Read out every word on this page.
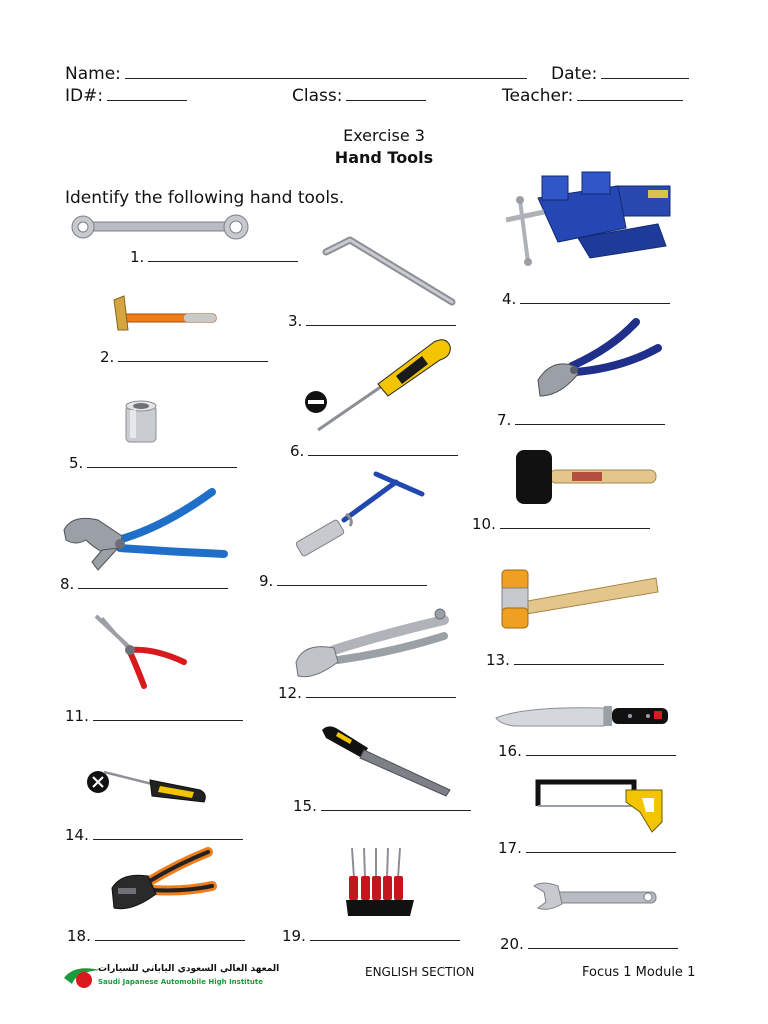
Name:	Date:
ID#:	Class:	Teacher:
Exercise 3
Hand Tools
Identify the following hand tools.
1.
2.
3.
4.
5.
6.
7.
8.	9.
10.
11.
12.
13.
14.
15.
16.
17.
18.	19.	20.
المعهد العالي السعودي الياباني للسيارات
Saudi Japanese Automobile High Institute
ENGLISH SECTION	Focus 1 Module 1
